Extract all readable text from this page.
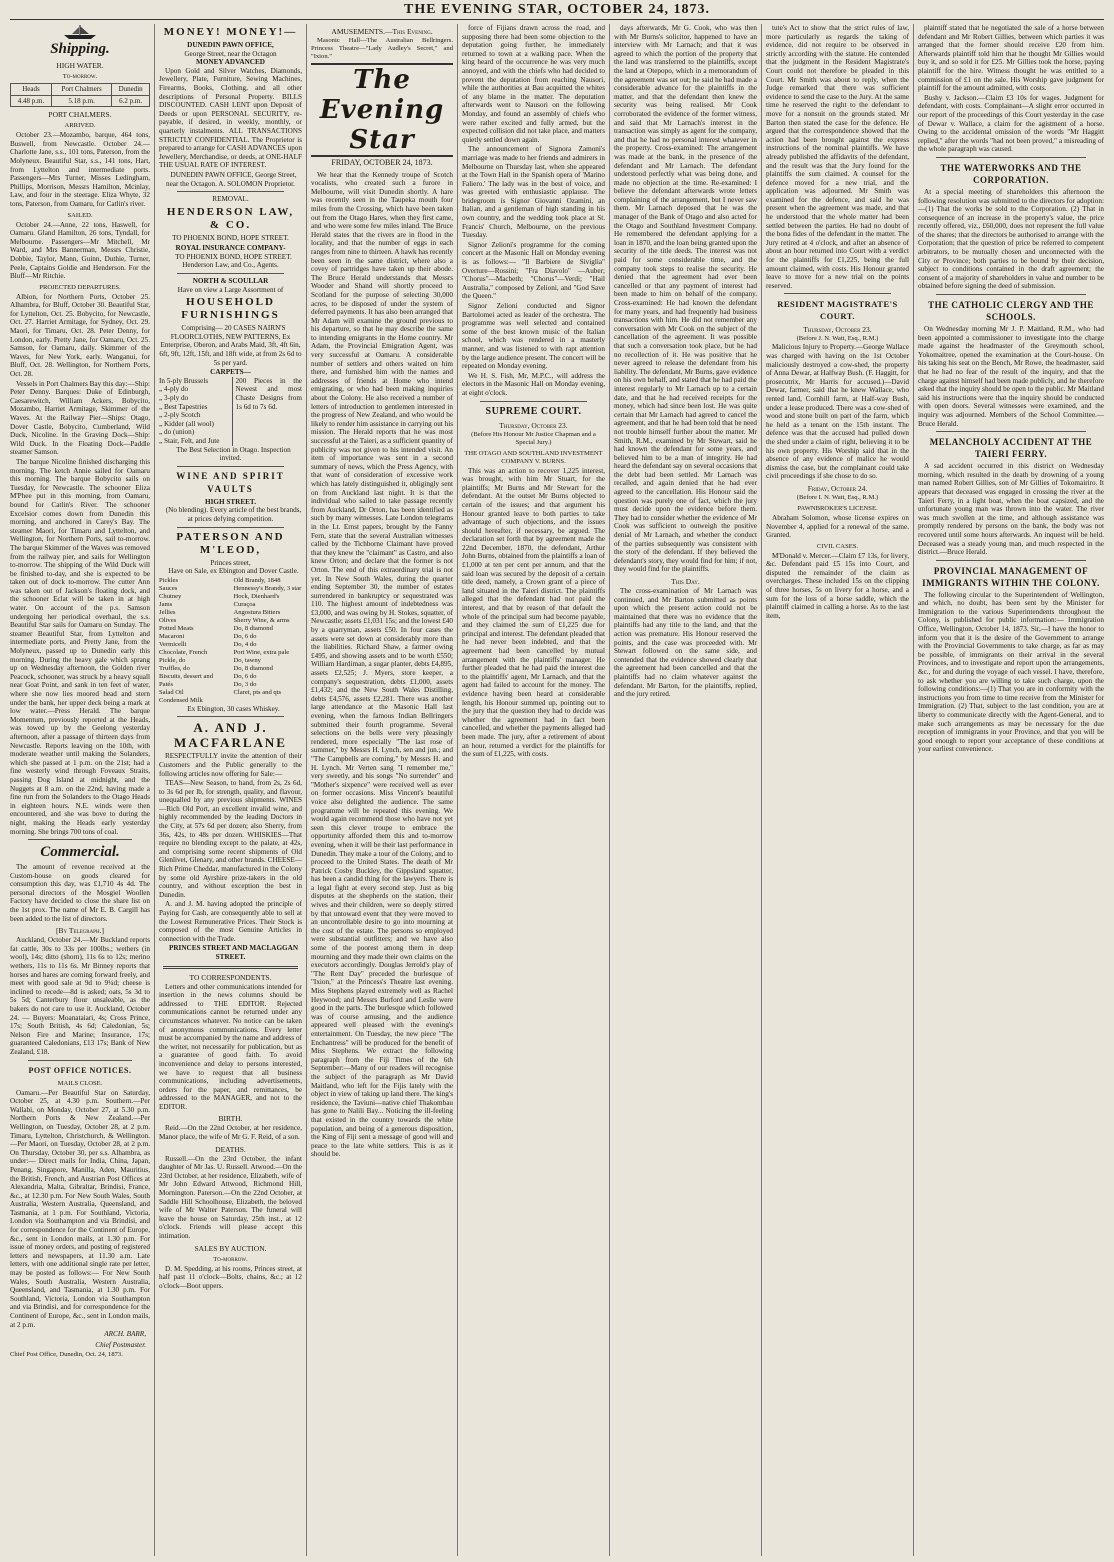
THE EVENING STAR, OCTOBER 24, 1873.
Shipping.
HIGH WATER.
To-morrow.
Heads	Port Chalmers	Dunedin
4.48 p.m.	5.18 p.m.	6.2 p.m.
PORT CHALMERS.
ARRIVED.

October 23.—Mozambo, barque, 464 tons, Buswell, from Newcastle. October 24.—Charlotte Jane, s.s., 101 tons, Paterson, from the Molyneux. Beautiful Star, s.s., 141 tons, Hart, from Lyttelton and intermediate ports. Passengers—Mrs Turner, Misses Ledingham, Phillips, Morrison, Messrs Hamilton, Mcinlay, Law, and four in the steerage. Eliza Whyte, 32 tons, Paterson, from Oamaru, for Catlin's river.

SAILED.

October 24.—Anne, 22 tons, Haswell, for Oamaru. Gland Hamilton, 26 tons, Tyndall, for Melbourne. Passengers—Mr Mitchell, Mr Ward, and Mrs Bannerman, Messrs Christie, Dobbie, Taylor, Mann, Guinn, Duthie, Turner, Peele, Captains Goldie and Henderson. For the Bluff—Mr Ritchie.

PROJECTED DEPARTURES.

Albion, for Northern Ports, October 25. Alhambra, for Bluff, October 30. Beautiful Star, for Lyttelton, Oct. 25. Bobycito, for Newcastle, Oct. 27. Harriet Armitage, for Sydney, Oct. 29. Maori, for Timaru, Oct. 28. Peter Denny, for London, early. Pretty Jane, for Oamaru, Oct. 25. Samson, for Oamaru, daily. Skimmer of the Waves, for New York, early. Wanganui, for Bluff, Oct. 28. Wellington, for Northern Ports, Oct. 28.

Vessels in Port Chalmers Bay this day:—Ship: Peter Denny. Barques: Duke of Edinburgh, Caesarewitch, William Ackers, Bobycito, Mozambo, Harriet Armitage, Skimmer of the Waves. At the Railway Pier—Ships: Otago, Dover Castle, Bobycito, Cumberland, Wild Duck, Nicoline. In the Graving Dock—Ship: Wild Duck. In the Floating Dock—Paddle steamer Samson.

The barque Nicoline finished discharging this morning. The ketch Annie sailed for Oamaru this morning. The barque Bobycito sails on Tuesday, for Newcastle. The schooner Eliza M'Phee put in this morning, from Oamaru, bound for Catlin's River. The schooner Excelsior comes down from Dunedin this morning, and anchored in Carey's Bay. The steamer Maori, for Timaru and Lyttelton, and Wellington, for Northern Ports, sail to-morrow. The barque Skimmer of the Waves was removed from the railway pier, and sails for Wellington to-morrow. The shipping of the Wild Duck will be finished to-day, and she is expected to be taken out of dock to-morrow. The cutter Ann was taken out of Jackson's floating dock, and the schooner Eclat will be taken in at high water. On account of the p.s. Samson undergoing her periodical overhaul, the s.s. Beautiful Star sails for Oamaru on Sunday. The steamer Beautiful Star, from Lyttelton and intermediate ports, and Pretty Jane, from the Molyneux, passed up to Dunedin early this morning. During the heavy gale which sprang up on Wednesday afternoon, the Golden river Peacock, schooner, was struck by a heavy squall near Goat Point, and sank in ten feet of water, where she now lies moored head and stern under the bank, her upper deck being a mark at low water.—Press Herald. The barque Momentum, previously reported at the Heads, was towed up by the Geelong yesterday afternoon, after a passage of thirteen days from Newcastle. Reports leaving on the 10th, with moderate weather until making the Solanders, which she passed at 1 p.m. on the 21st; had a fine westerly wind through Foveaux Straits, passing Dog Island at midnight, and the Nuggets at 8 a.m. on the 22nd, having made a fine run from the Solanders to the Otago Heads in eighteen hours. N.E. winds were then encountered, and she was bove to during the night, making the Heads early yesterday morning. She brings 700 tons of coal.

Commercial.

The amount of revenue received at the Custom-house on goods cleared for consumption this day, was £1,710 4s 4d. The personal directors of the Mosgiel Woollen Factory have decided to close the share list on the 1st prox. The name of Mr E. B. Cargill has been added to the list of directors.

[By Telegraph.]

Auckland, October 24.—Mr Buckland reports fat cattle, 30s to 33s per 100lbs.; wethers (in wool), 14s; ditto (shorn), 11s 6s to 12s; merino wethers, 11s to 11s 6s. Mr Binney reports that horses and hares are coming forward freely, and meet with good sale at 9d to 9¼d; cheese is inclined to recede—8d is asked; oats, 5s 3d to 5s 5d; Canterbury flour unsaleable, as the bakers do not care to use it. Auckland, October 24. — Buyers: Moanataiari, 4s; Cross Prince, 17s; South British, 4s 6d; Caledonian, 5s; Nelson Fire and Marine; Insurance, 17s; guaranteed Caledonians, £13 17s; Bank of New Zealand, £18.

POST OFFICE NOTICES.
MAILS CLOSE.

Oamaru.—Per Beautiful Star on Saturday, October 25, at 4.30 p.m. Southern.—Per Wallabi, on Monday, October 27, at 5.30 p.m. Northern Ports & New Zealand.—Per Wellington, on Tuesday, October 28, at 2 p.m. Timaru, Lyttelton, Christchurch, & Wellington.—Per Maori, on Tuesday, October 28, at 2 p.m. On Thursday, October 30, per s.s. Alhambra, as under:— Direct mails for India, China, Japan, Penang, Singapore, Manilla, Aden, Mauritius, the British, French, and Austrian Post Offices at Alexandria, Malta, Gibraltar, Brindisi, France, &c., at 12.30 p.m. For New South Wales, South Australia, Western Australia, Queensland, and Tasmania, at 1 p.m. For Southland, Victoria, London via Southampton and via Brindisi, and for correspondence for the Continent of Europe, &c., sent in London mails, at 1.30 p.m. For issue of money orders, and posting of registered letters and newspapers, at 11.30 a.m. Late letters, with one additional single rate per letter, may be posted as follows:— For New South Wales, South Australia, Western Australia, Queensland, and Tasmania, at 1.30 p.m. For Southland, Victoria, London via Southampton and via Brindisi, and for correspondence for the Continent of Europe, &c., sent in London mails, at 2 p.m.

ARCH. BARR,
Chief Postmaster.

Chief Post Office, Dunedin, Oct. 24, 1873.

MONEY! MONEY!—
DUNEDIN PAWN OFFICE,
George Street, near the Octagon
MONEY ADVANCED

Upon Gold and Silver Watches, Diamonds, Jewellery, Plate, Furniture, Sewing Machines, Firearms, Books, Clothing, and all other descriptions of Personal Property. BILLS DISCOUNTED. CASH LENT upon Deposit of Deeds or upon PERSONAL SECURITY, re-payable, if desired, in weekly, monthly, or quarterly instalments. ALL TRANSACTIONS STRICTLY CONFIDENTIAL. The Proprietor is prepared to arrange for CASH ADVANCES upon Jewellery, Merchandise, or deeds, at ONE-HALF THE USUAL RATE OF INTEREST.

DUNEDIN PAWN OFFICE, George Street, near the Octagon. A. SOLOMON Proprietor.

REMOVAL.
HENDERSON LAW, & CO.
TO PHOENIX BOND, HOPE STREET.
ROYAL INSURANCE COMPANY-

TO PHOENIX BOND, HOPE STREET. Henderson Law, and Co., Agents.

NORTH & SCOULLAR
Have on view a Large Assortment of
HOUSEHOLD FURNISHINGS

Comprising— 20 CASES NAIRN'S FLOORCLOTHS, NEW PATTERNS, Ex Enterprise, Oberon, and Arabs Maid, 3ft, 4ft 6in, 6ft, 9ft, 12ft, 15ft, and 18ft wide, at from 2s 6d to 5s per yard.

CARPETS—
In 5-ply Brussels
„ 4-ply do
„ 3-ply do
„ Best Tapestries
„ 2-ply Scotch
„ Kidder (all wool)
„ do (union)
„ Stair, Felt, and Jute
200 Pieces in the Newest and most Chaste Designs from 1s 6d to 7s 6d.

The Best Selection in Otago. Inspection invited.

WINE AND SPIRIT VAULTS
HIGH STREET.

(No blending). Every article of the best brands, at prices defying competition.

PATERSON AND M'LEOD,
Princes street,

Have on Sale, ex Ebington and Dover Castle.

Pickles
Sauces
Chutney
Jams
Jellies
Olives
Potted Meats
Macaroni
Vermicelli
Chocolate, French
Pickle, do
Truffles, do
Biscuits, dessert and
Patés
Salad Oil
Condensed Milk
Old Brandy, 1848
Hennessy's Brandy, 3 star
Hock, Dienhard's
Curaçoa
Angostura Bitters
Sherry Wine, & arms
Do, 8 diamond
Do, 6 do
Do, 4 do
Port Wine, extra pale
Do, tawny
Do, 8 diamond
Do, 6 do
Do, 3 do
Claret, pts and qts

Ex Ebington, 30 cases Whiskey.

A. AND J. MACFARLANE

RESPECTFULLY invite the attention of their Customers and the Public generally to the following articles now offering for Sale:—

TEAS—New Season, to hand, from 2s, 2s 6d, to 3s 6d per lb, for strength, quality, and flavour, unequalled by any previous shipments. WINES—Rich Old Port, an excellent invalid wine, and highly recommended by the leading Doctors in the City, at 57s 6d per dozen; also Sherry, from 36s, 42s, to 48s per dozen. WHISKIES—That require no blending except to the palate, at 42s, and comprising some recent shipments of Old Glenlivet, Glenary, and other brands. CHEESE—Rich Prime Cheddar, manufactured in the Colony by some old Ayrshire prize-takers in the old country, and without exception the best in Dunedin.

A. and J. M. having adopted the principle of Paying for Cash, are consequently able to sell at the Lowest Remunerative Prices. Their Stock is composed of the most Genuine Articles in connection with the Trade.

PRINCES STREET AND MACLAGGAN STREET.

TO CORRESPONDENTS.

Letters and other communications intended for insertion in the news columns should be addressed to THE EDITOR. Rejected communications cannot be returned under any circumstances whatever. No notice can be taken of anonymous communications. Every letter must be accompanied by the name and address of the writer, not necessarily for publication, but as a guarantee of good faith. To avoid inconvenience and delay to persons interested, we have to request that all business communications, including advertisements, orders for the paper, and remittances, be addressed to the MANAGER, and not to the EDITOR.

BIRTH.

Reid.—On the 22nd October, at her residence, Manor place, the wife of Mr G. F. Reid, of a son.

DEATHS.

Russell.—On the 23rd October, the infant daughter of Mr Jas. U. Russell. Atwood.—On the 23rd October, at her residence, Elizabeth, wife of Mr John Edward Attwood, Richmond Hill, Mornington. Paterson.—On the 22nd October, at Saddle Hill Schoolhouse, Elizabeth, the beloved wife of Mr Walter Paterson. The funeral will leave the house on Saturday, 25th inst., at 12 o'clock. Friends will please accept this intimation.

SALES BY AUCTION.
To-morrow.

D. M. Spedding, at his rooms, Princes street, at half past 11 o'clock—Bolts, chains, &c.; at 12 o'clock—Boot uppers.

AMUSEMENTS.—This Evening.

Masonic Hall—The Australian Bellringers. Princess Theatre—"Lady Audley's Secret," and "Ixion."

The Evening Star
FRIDAY, OCTOBER 24, 1873.

We hear that the Kennedy troupe of Scotch vocalists, who created such a furore in Melbourne, will visit Dunedin shortly. A hare was recently seen in the Taupeka mouth four miles from the Crossing, which have been taken out from the Otago Hares, when they first came, and who were some few miles inland. The Bruce Herald states that the rivers are in flood in the locality, and that the number of eggs in each ranges from nine to thirteen. A hawk has recently been seen in the same district, where also a covey of partridges have taken up their abode. The Bruce Herald understands that Messrs Wooder and Shand will shortly proceed to Scotland for the purpose of selecting 30,000 acres, to be disposed of under the system of deferred payments. It has also been arranged that Mr Adam will examine the ground previous to his departure, so that he may describe the same to intending emigrants in the Home country. Mr Adam, the Provincial Emigration Agent, was very successful at Oamaru. A considerable number of settlers and others waited on him there, and furnished him with the names and addresses of friends at Home who intend emigrating, or who had been making inquiries about the Colony. He also received a number of letters of introduction to gentlemen interested in the progress of New Zealand, and who would be likely to render him assistance in carrying out his mission. The Herald reports that he was most successful at the Taieri, as a sufficient quantity of publicity was not given to his intended visit. An item of importance was sent in a second summary of news, which the Press Agency, with that want of consideration of excessive work which has lately distinguished it, obligingly sent on from Auckland last night. It is that the individual who sailed to take passage recently from Auckland, Dr Orton, has been identified as such by many witnesses. Late London telegrams in the Lt. Ernst papers, brought by the Fanny Fern, state that the several Australian witnesses called by the Tichborne Claimant have proved that they knew the "claimant" as Castro, and also knew Orton; and declare that the former is not Orton. The end of this extraordinary trial is not yet. In New South Wales, during the quarter ending September 30, the number of estates surrendered in bankruptcy or sequestrated was 110. The highest amount of indebtedness was £3,000, and was owing by H. Stokes, squatter, of Newcastle; assets £1,031 15s; and the lowest £40 by a quarryman, assets £50. In four cases the assets were set down at considerably more than the liabilities. Richard Shaw, a farmer owing £495, and showing assets and to be worth £550; William Hardiman, a sugar planter, debts £4,895, assets £2,525; J. Myers, store keeper, a company's sequestration, debts £1,000, assets £1,432; and the New South Wales Distilling, debts £4,576, assets £2,281. There was another large attendance at the Masonic Hall last evening, when the famous Indian Bellringers submitted their fourth programme. Several selections on the bells were very pleasingly rendered, more especially "The last rose of summer," by Messrs H. Lynch, sen and jun.; and "The Campbells are coming," by Messrs H. and H. Lynch. Mr Verten sang "I remember me," very sweetly, and his songs "No surrender" and "Mother's sixpence" were received well as ever on former occasions. Miss Vincent's beautiful voice also delighted the audience. The same programme will be repeated this evening. We would again recommend those who have not yet seen this clever troupe to embrace the opportunity afforded them this and to-morrow evening, when it will be their last performance in Dunedin. They make a tour of the Colony, and to proceed to the United States. The death of Mr Patrick Cosby Buckley, the Gippsland squatter, has been a candid thing for the lawyers. There is a legal fight at every second step. Just as big disputes at the shepherds on the station, their wives and their children, were so deeply stirred by that untoward event that they were moved to an uncontrollable desire to go into mourning at the cost of the estate. The persons so employed were substantial outfitters; and we have also some of the poorest among them in deep mourning and they made their own claims on the executors accordingly. Douglas Jerrold's play of "The Rent Day" preceded the burlesque of "Ixion," at the Princess's Theatre last evening. Miss Stephens played extremely well as Rachel Heywood; and Messrs Burford and Leslie were good in the parts. The burlesque which followed was of course amusing, and the audience appeared well pleased with the evening's entertainment. On Tuesday, the new piece "The Enchantress" will be produced for the benefit of Miss Stephens. We extract the following paragraph from the Fiji Times of the 6th September:—Many of our readers will recognise the subject of the paragraph as Mr David Maitland, who left for the Fijis lately with the object in view of taking up land there. The king's residence, the Taviuni—native chief Thakombau has gone to Nalili Bay... Noticing the ill-feeling that existed in the country towards the white population, and being of a generous disposition, the King of Fiji sent a message of good will and peace to the late white settlers. This is as it should be.

force of Fijians drawn across the road, and supposing there had been some objection to the deputation going further, he immediately returned to town at a walking pace. When the king heard of the occurrence he was very much annoyed, and with the chiefs who had decided to prevent the deputation from reaching Nausori, while the authorities at Bau acquitted the whites of any blame in the matter. The deputation afterwards went to Nausori on the following Monday, and found an assembly of chiefs who were rather excited and fully armed, but the expected collision did not take place, and matters quietly settled down again.

The announcement of Signora Zamoni's marriage was made to her friends and admirers in Melbourne on Thursday last, when she appeared at the Town Hall in the Spanish opera of 'Marino Faliero.' The lady was in the best of voice, and was greeted with enthusiastic applause. The bridegroom is Signor Giovanni Ozamini, an Italian, and a gentleman of high standing in his own country, and the wedding took place at St. Francis' Church, Melbourne, on the previous Tuesday.

Signor Zelioni's programme for the coming concert at the Masonic Hall on Monday evening is as follows:— "Il Barbiere de Siviglia" Overture—Rossini; "Fra Diavolo" —Auber; "Chorus"—Macbeth; "Chorus"—Verdi; "Hail Australia," composed by Zelioni, and "God Save the Queen."

Signor Zelioni conducted and Signor Bartolomei acted as leader of the orchestra. The programme was well selected and contained some of the best known music of the Italian school, which was rendered in a masterly manner, and was listened to with rapt attention by the large audience present. The concert will be repeated on Monday evening.

We H. S. Fish, Mr, M.P.C., will address the electors in the Masonic Hall on Monday evening, at eight o'clock.

SUPREME COURT.
Thursday, October 23.
(Before His Honour Mr Justice Chapman and a Special Jury.)
THE OTAGO AND SOUTHLAND INVESTMENT COMPANY V. BURNS.

This was an action to recover 1,225 interest, was brought, with him Mr Stuart, for the plaintiffs; Mr Burns and Mr Stewart for the defendant. At the outset Mr Burns objected to certain of the issues; and that argument his Honour granted leave to both parties to take advantage of such objections, and the issues should hereafter, if necessary, be argued. The declaration set forth that by agreement made the 22nd December, 1870, the defendant, Arthur John Burns, obtained from the plaintiffs a loan of £1,000 at ten per cent per annum, and that the said loan was secured by the deposit of a certain title deed, namely, a Crown grant of a piece of land situated in the Taieri district. The plaintiffs alleged that the defendant had not paid the interest, and that by reason of that default the whole of the principal sum had become payable, and they claimed the sum of £1,225 due for principal and interest. The defendant pleaded that he had never been indebted, and that the agreement had been cancelled by mutual arrangement with the plaintiffs' manager. He further pleaded that he had paid the interest due to the plaintiffs' agent, Mr Larnach, and that the agent had failed to account for the money. The evidence having been heard at considerable length, his Honour summed up, pointing out to the jury that the question they had to decide was whether the agreement had in fact been cancelled, and whether the payments alleged had been made. The jury, after a retirement of about an hour, returned a verdict for the plaintiffs for the sum of £1,225, with costs.

days afterwards, Mr G. Cook, who was then with Mr Burns's solicitor, happened to have an interview with Mr Larnach; and that it was agreed to which the portion of the property that the land was transferred to the plaintiffs, except the land at Otepopo, which in a memorandum of the agreement was set out; he said he had made a considerable advance for the plaintiffs in the matter, and that the defendant then knew the security was being realised. Mr Cook corroborated the evidence of the former witness, and said that Mr Larnach's interest in the transaction was simply as agent for the company, and that he had no personal interest whatever in the property. Cross-examined: The arrangement was made at the bank, in the presence of the defendant and Mr Larnach. The defendant understood perfectly what was being done, and made no objection at the time. Re-examined: I believe the defendant afterwards wrote letters complaining of the arrangement, but I never saw them. Mr Larnach deposed that he was the manager of the Bank of Otago and also acted for the Otago and Southland Investment Company. He remembered the defendant applying for a loan in 1870, and the loan being granted upon the security of the title deeds. The interest was not paid for some considerable time, and the company took steps to realise the security. He denied that the agreement had ever been cancelled or that any payment of interest had been made to him on behalf of the company. Cross-examined: He had known the defendant for many years, and had frequently had business transactions with him. He did not remember any conversation with Mr Cook on the subject of the cancellation of the agreement. It was possible that such a conversation took place, but he had no recollection of it. He was positive that he never agreed to release the defendant from his liability. The defendant, Mr Burns, gave evidence on his own behalf, and stated that he had paid the interest regularly to Mr Larnach up to a certain date, and that he had received receipts for the money, which had since been lost. He was quite certain that Mr Larnach had agreed to cancel the agreement, and that he had been told that he need not trouble himself further about the matter. Mr Smith, R.M., examined by Mr Stewart, said he had known the defendant for some years, and believed him to be a man of integrity. He had heard the defendant say on several occasions that the debt had been settled. Mr Larnach was recalled, and again denied that he had ever agreed to the cancellation. His Honour said the question was purely one of fact, which the jury must decide upon the evidence before them. They had to consider whether the evidence of Mr Cook was sufficient to outweigh the positive denial of Mr Larnach, and whether the conduct of the parties subsequently was consistent with the story of the defendant. If they believed the defendant's story, they would find for him; if not, they would find for the plaintiffs.

This Day.

The cross-examination of Mr Larnach was continued, and Mr Barton submitted as points upon which the present action could not be maintained that there was no evidence that the plaintiffs had any title to the land, and that the action was premature. His Honour reserved the points, and the case was proceeded with. Mr Stewart followed on the same side, and contended that the evidence showed clearly that the agreement had been cancelled and that the plaintiffs had no claim whatever against the defendant. Mr Barton, for the plaintiffs, replied, and the jury retired.

tute's Act to show that the strict rules of law, more particularly as regards the taking of evidence, did not require to be observed in strictly according with the statute. He contended that the judgment in the Resident Magistrate's Court could not therefore be pleaded in this Court. Mr Smith was about to reply, when the Judge remarked that there was sufficient evidence to send the case to the Jury. At the same time he reserved the right to the defendant to move for a nonsuit on the grounds stated. Mr Barton then stated the case for the defence. He argued that the correspondence showed that the action had been brought against the express instructions of the nominal plaintiffs. We have already published the affidavits of the defendant, and the result was that the Jury found for the plaintiffs the sum claimed. A counsel for the defence moved for a new trial, and the application was adjourned. Mr Smith was examined for the defence, and said he was present when the agreement was made, and that he understood that the whole matter had been settled between the parties. He had no doubt of the bona fides of the defendant in the matter. The Jury retired at 4 o'clock, and after an absence of about an hour returned into Court with a verdict for the plaintiffs for £1,225, being the full amount claimed, with costs. His Honour granted leave to move for a new trial on the points reserved.

RESIDENT MAGISTRATE'S COURT.
Thursday, October 23.
(Before J. N. Watt, Esq., R.M.)

Malicious Injury to Property.—George Wallace was charged with having on the 1st October maliciously destroyed a cow-shed, the property of Anna Dewar, at Halfway Bush. (F. Haggitt, for prosecutrix, Mr Harris for accused.)—David Dewar, farmer, said that he knew Wallace, who rented land, Cornhill farm, at Half-way Bush, under a lease produced. There was a cow-shed of wood and stone built on part of the farm, which he held as a tenant on the 15th instant. The defence was that the accused had pulled down the shed under a claim of right, believing it to be his own property. His Worship said that in the absence of any evidence of malice he would dismiss the case, but the complainant could take civil proceedings if she chose to do so.

Friday, October 24.
(Before I. N. Watt, Esq., R.M.)
PAWNBROKER'S LICENSE.

Abraham Solomon, whose license expires on November 4, applied for a renewal of the same. Granted.

CIVIL CASES.

M'Donald v. Mercer.—Claim £7 13s, for livery, &c. Defendant paid £5 15s into Court, and disputed the remainder of the claim as overcharges. These included 15s on the clipping of three horses, 5s on livery for a horse, and a sum for the loss of a horse saddle, which the plaintiff claimed in calling a horse. As to the last item,

plaintiff stated that he negotiated the sale of a horse between defendant and Mr Robert Gillies, between which parties it was arranged that the former should receive £20 from him. Afterwards plaintiff told him that he thought Mr Gillies would buy it, and so sold it for £25. Mr Gillies took the horse, paying plaintiff for the hire. Witness thought he was entitled to a commission of £1 on the sale. His Worship gave judgment for plaintiff for the amount admitted, with costs.

Bushy v. Jackson.—Claim £3 10s for wages. Judgment for defendant, with costs. Complainant—A slight error occurred in our report of the proceedings of this Court yesterday in the case of Dewar v. Wallace, a claim for the agistment of a horse. Owing to the accidental omission of the words "Mr Haggitt replied," after the words "had not been proved," a misreading of the whole paragraph was caused.

THE WATERWORKS AND THE CORPORATION.

At a special meeting of shareholders this afternoon the following resolution was submitted to the directors for adoption:—(1) That the works be sold to the Corporation. (2) That in consequence of an increase in the property's value, the price recently offered, viz., £60,000, does not represent the full value of the shares; that the directors be authorised to arrange with the Corporation; that the question of price be referred to competent arbitrators, to be mutually chosen and unconnected with the City or Province; both parties to be bound by their decision, subject to conditions contained in the draft agreement; the consent of a majority of shareholders in value and number to be obtained before signing the deed of submission.

THE CATHOLIC CLERGY AND THE SCHOOLS.

On Wednesday morning Mr J. P. Maitland, R.M., who had been appointed a commissioner to investigate into the charge made against the headmaster of the Greymouth school, Yokomaitree, opened the examination at the Court-house. On his taking his seat on the Bench, Mr Rowe, the headmaster, said that he had no fear of the result of the inquiry, and that the charge against himself had been made publicly, and he therefore asked that the inquiry should be open to the public. Mr Maitland said his instructions were that the inquiry should be conducted with open doors. Several witnesses were examined, and the inquiry was adjourned. Members of the School Committee.—Bruce Herald.

MELANCHOLY ACCIDENT AT THE TAIERI FERRY.

A sad accident occurred in this district on Wednesday morning, which resulted in the death by drowning of a young man named Robert Gillies, son of Mr Gillies of Tokomairiro. It appears that deceased was engaged in crossing the river at the Taieri Ferry, in a light boat, when the boat capsized, and the unfortunate young man was thrown into the water. The river was much swollen at the time, and although assistance was promptly rendered by persons on the bank, the body was not recovered until some hours afterwards. An inquest will be held. Deceased was a steady young man, and much respected in the district.—Bruce Herald.

PROVINCIAL MANAGEMENT OF IMMIGRANTS WITHIN THE COLONY.

The following circular to the Superintendent of Wellington, and which, no doubt, has been sent by the Minister for Immigration to the various Superintendents throughout the Colony, is published for public information:— Immigration Office, Wellington, October 14, 1873. Sir,—I have the honor to inform you that it is the desire of the Government to arrange with the Provincial Governments to take charge, as far as may be possible, of immigrants on their arrival in the several Provinces, and to investigate and report upon the arrangements, &c., for and during the voyage of each vessel. I have, therefore, to ask whether you are willing to take such charge, upon the following conditions:—(1) That you are in conformity with the instructions you from time to time receive from the Minister for Immigration. (2) That, subject to the last condition, you are at liberty to communicate directly with the Agent-General, and to make such arrangements as may be necessary for the due reception of immigrants in your Province, and that you will be good enough to report your acceptance of these conditions at your earliest convenience.
